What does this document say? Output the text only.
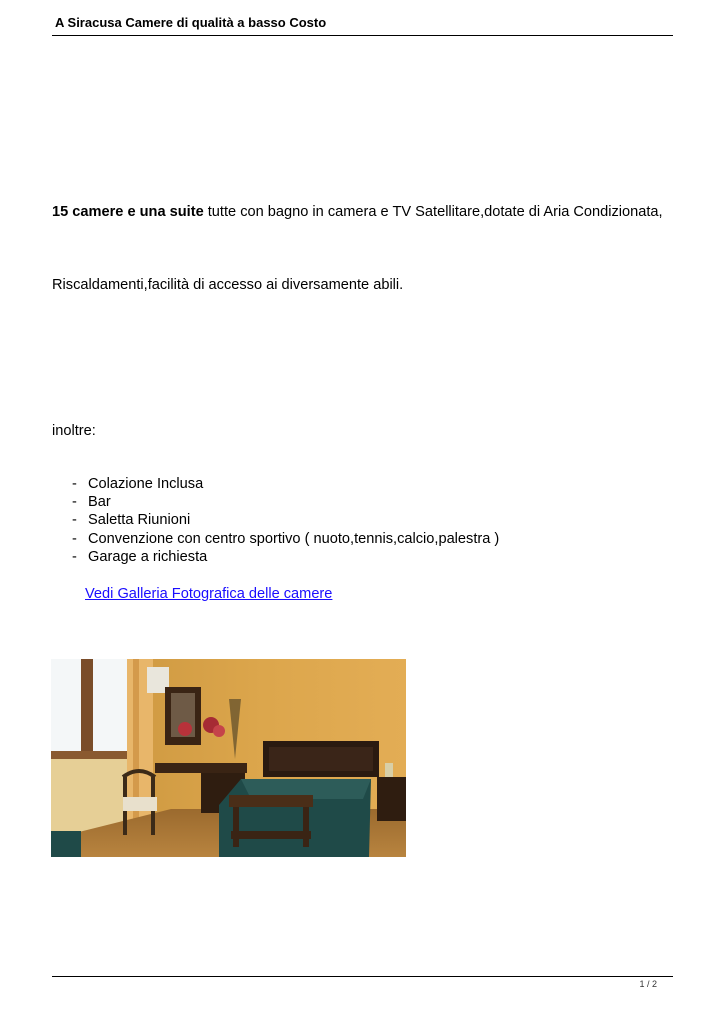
A Siracusa Camere di qualità a basso Costo
15 camere e una suite tutte con bagno in camera e TV Satellitare,dotate di Aria Condizionata,
Riscaldamenti,facilità di accesso ai diversamente abili.
inoltre:
- Colazione Inclusa
- Bar
- Saletta Riunioni
- Convenzione con centro sportivo ( nuoto,tennis,calcio,palestra )
- Garage a richiesta
Vedi Galleria Fotografica delle camere
1 / 2
